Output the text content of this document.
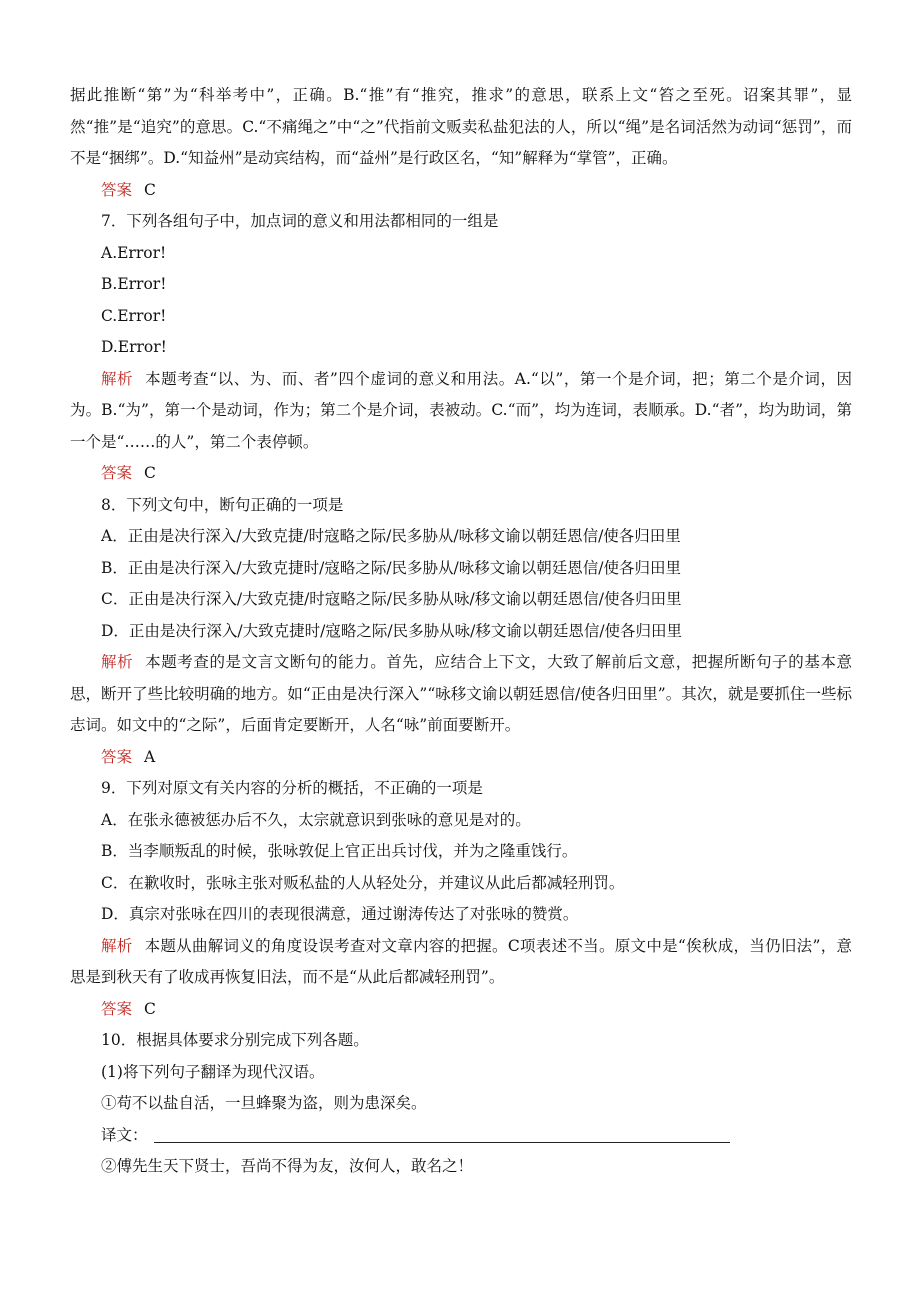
据此推断“第”为“科举考中”，正确。B.“推”有“推究，推求”的意思，联系上文“笞之至死。诏案其罪”，显然“推”是“追究”的意思。C.“不痛绳之”中“之”代指前文贩卖私盐犯法的人，所以“绳”是名词活然为动词“惩罚”，而不是“捆绑”。D.“知益州”是动宾结构，而“益州”是行政区名，“知”解释为“掌管”，正确。

答案 C

7．下列各组句子中，加点词的意义和用法都相同的一组是

A.Error!

B.Error!

C.Error!

D.Error!

解析 本题考查“以、为、而、者”四个虚词的意义和用法。A.“以”，第一个是介词，把；第二个是介词，因为。B.“为”，第一个是动词，作为；第二个是介词，表被动。C.“而”，均为连词，表顺承。D.“者”，均为助词，第一个是“……的人”，第二个表停顿。

答案 C

8．下列文句中，断句正确的一项是

A．正由是决行深入/大致克捷/时寇略之际/民多胁从/咏移文谕以朝廷恩信/使各归田里

B．正由是决行深入/大致克捷时/寇略之际/民多胁从/咏移文谕以朝廷恩信/使各归田里

C．正由是决行深入/大致克捷/时寇略之际/民多胁从咏/移文谕以朝廷恩信/使各归田里

D．正由是决行深入/大致克捷时/寇略之际/民多胁从咏/移文谕以朝廷恩信/使各归田里

解析 本题考查的是文言文断句的能力。首先，应结合上下文，大致了解前后文意，把握所断句子的基本意思，断开了些比较明确的地方。如“正由是决行深入”“咏移文谕以朝廷恩信/使各归田里”。其次，就是要抓住一些标志词。如文中的“之际”，后面肯定要断开，人名“咏”前面要断开。

答案 A

9．下列对原文有关内容的分析的概括，不正确的一项是

A．在张永德被惩办后不久，太宗就意识到张咏的意见是对的。

B．当李顺叛乱的时候，张咏敦促上官正出兵讨伐，并为之隆重饯行。

C．在歉收时，张咏主张对贩私盐的人从轻处分，并建议从此后都减轻刑罚。

D．真宗对张咏在四川的表现很满意，通过谢涛传达了对张咏的赞赏。

解析 本题从曲解词义的角度设误考查对文章内容的把握。C项表述不当。原文中是“俟秋成，当仍旧法”，意思是到秋天有了收成再恢复旧法，而不是“从此后都减轻刑罚”。

答案 C

10．根据具体要求分别完成下列各题。

(1)将下列句子翻译为现代汉语。

①苟不以盐自活，一旦蜂聚为盗，则为患深矣。

译文：

②傅先生天下贤士，吾尚不得为友，汝何人，敢名之！
